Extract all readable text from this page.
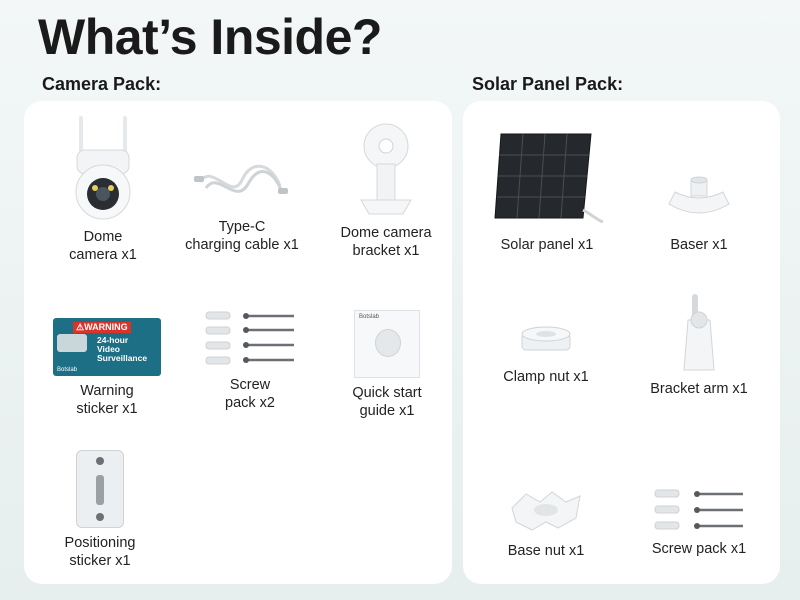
What’s Inside?
Camera Pack:
Dome
camera x1
Type-C
charging cable x1
Dome camera
bracket x1
⚠WARNING
24-hour
Video
Surveillance
Botslab
Warning
sticker x1
Screw
pack x2
Botslab
Quick start
guide x1
Positioning
sticker x1
Solar Panel Pack:
Solar panel x1	Baser x1
Clamp nut x1
Bracket arm x1
Base nut x1	Screw pack x1
